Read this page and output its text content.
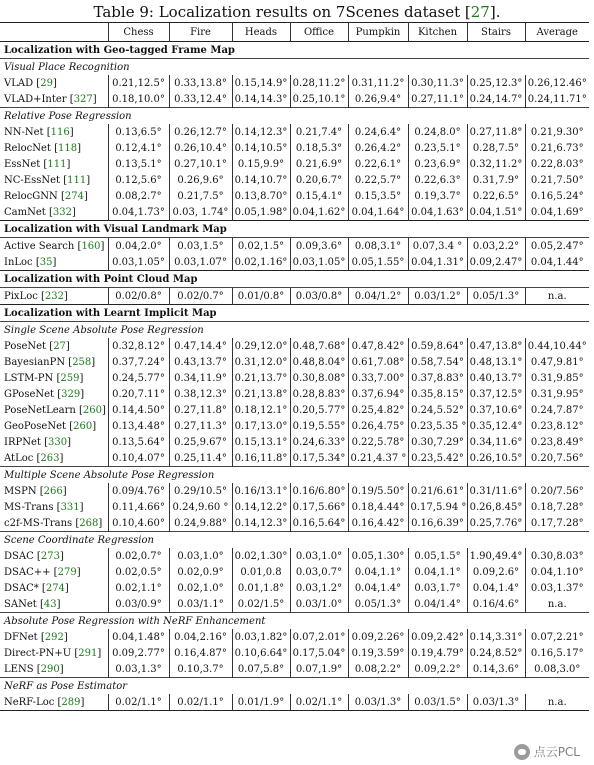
Table 9: Localization results on 7Scenes dataset [27].
	Chess	Fire	Heads	Office	Pumpkin	Kitchen	Stairs	Average
Localization with Geo-tagged Frame Map								
Visual Place Recognition								
VLAD [29]	0.21,12.5°	0.33,13.8°	0.15,14.9°	0.28,11.2°	0.31,11.2°	0.30,11.3°	0.25,12.3°	0.26,12.46°
VLAD+Inter [327]	0.18,10.0°	0.33,12.4°	0.14,14.3°	0.25,10.1°	0.26,9.4°	0.27,11.1°	0.24,14.7°	0.24,11.71°
Relative Pose Regression								
NN-Net [116]	0.13,6.5°	0.26,12.7°	0.14,12.3°	0.21,7.4°	0.24,6.4°	0.24,8.0°	0.27,11.8°	0.21,9.30°
RelocNet [118]	0.12,4.1°	0.26,10.4°	0.14,10.5°	0.18,5.3°	0.26,4.2°	0.23,5.1°	0.28,7.5°	0.21,6.73°
EssNet [111]	0.13,5.1°	0.27,10.1°	0.15,9.9°	0.21,6.9°	0.22,6.1°	0.23,6.9°	0.32,11.2°	0.22,8.03°
NC-EssNet [111]	0.12,5.6°	0.26,9.6°	0.14,10.7°	0.20,6.7°	0.22,5.7°	0.22,6.3°	0.31,7.9°	0.21,7.50°
RelocGNN [274]	0.08,2.7°	0.21,7.5°	0.13,8.70°	0.15,4.1°	0.15,3.5°	0.19,3.7°	0.22,6.5°	0.16,5.24°
CamNet [332]	0.04,1.73°	0.03, 1.74°	0.05,1.98°	0.04,1.62°	0.04,1.64°	0.04,1.63°	0.04,1.51°	0.04,1.69°
Localization with Visual Landmark Map								
Active Search [160]	0.04,2.0°	0.03,1.5°	0.02,1.5°	0.09,3.6°	0.08,3.1°	0.07,3.4 °	0.03,2.2°	0.05,2.47°
InLoc [35]	0.03,1.05°	0.03,1.07°	0.02,1.16°	0.03,1.05°	0.05,1.55°	0.04,1.31°	0.09,2.47°	0.04,1.44°
Localization with Point Cloud Map								
PixLoc [232]	0.02/0.8°	0.02/0.7°	0.01/0.8°	0.03/0.8°	0.04/1.2°	0.03/1.2°	0.05/1.3°	n.a.
Localization with Learnt Implicit Map								
Single Scene Absolute Pose Regression								
PoseNet [27]	0.32,8.12°	0.47,14.4°	0.29,12.0°	0.48,7.68°	0.47,8.42°	0.59,8.64°	0.47,13.8°	0.44,10.44°
BayesianPN [258]	0.37,7.24°	0.43,13.7°	0.31,12.0°	0.48,8.04°	0.61,7.08°	0.58,7.54°	0.48,13.1°	0.47,9.81°
LSTM-PN [259]	0.24,5.77°	0.34,11.9°	0.21,13.7°	0.30,8.08°	0.33,7.00°	0.37,8.83°	0.40,13.7°	0.31,9.85°
GPoseNet [329]	0.20,7.11°	0.38,12.3°	0.21,13.8°	0.28,8.83°	0.37,6.94°	0.35,8.15°	0.37,12.5°	0.31,9.95°
PoseNetLearn [260]	0.14,4.50°	0.27,11.8°	0.18,12.1°	0.20,5.77°	0.25,4.82°	0.24,5.52°	0.37,10.6°	0.24,7.87°
GeoPoseNet [260]	0.13,4.48°	0.27,11.3°	0.17,13.0°	0.19,5.55°	0.26,4.75°	0.23,5.35 °	0.35,12.4°	0.23,8.12°
IRPNet [330]	0.13,5.64°	0.25,9.67°	0.15,13.1°	0.24,6.33°	0.22,5.78°	0.30,7.29°	0.34,11.6°	0.23,8.49°
AtLoc [263]	0.10,4.07°	0.25,11.4°	0.16,11.8°	0.17,5.34°	0.21,4.37 °	0.23,5.42°	0.26,10.5°	0.20,7.56°
Multiple Scene Absolute Pose Regression								
MSPN [266]	0.09/4.76°	0.29/10.5°	0.16/13.1°	0.16/6.80°	0.19/5.50°	0.21/6.61°	0.31/11.6°	0.20/7.56°
MS-Trans [331]	0.11,4.66°	0.24,9.60 °	0.14,12.2°	0.17,5.66°	0.18,4.44°	0.17,5.94 °	0.26,8.45°	0.18,7.28°
c2f-MS-Trans [268]	0.10,4.60°	0.24,9.88°	0.14,12.3°	0.16,5.64°	0.16,4.42°	0.16,6.39°	0.25,7.76°	0.17,7.28°
Scene Coordinate Regression								
DSAC [273]	0.02,0.7°	0.03,1.0°	0.02,1.30°	0.03,1.0°	0.05,1.30°	0.05,1.5°	1.90,49.4°	0.30,8.03°
DSAC++ [279]	0.02,0.5°	0.02,0.9°	0.01,0.8	0.03,0.7°	0.04,1.1°	0.04,1.1°	0.09,2.6°	0.04,1.10°
DSAC* [274]	0.02,1.1°	0.02,1.0°	0.01,1.8°	0.03,1.2°	0.04,1.4°	0.03,1.7°	0.04,1.4°	0.03,1.37°
SANet [43]	0.03/0.9°	0.03/1.1°	0.02/1.5°	0.03/1.0°	0.05/1.3°	0.04/1.4°	0.16/4.6°	n.a.
Absolute Pose Regression with NeRF Enhancement								
DFNet [292]	0.04,1.48°	0.04,2.16°	0.03,1.82°	0.07,2.01°	0.09,2.26°	0.09,2.42°	0.14,3.31°	0.07,2.21°
Direct-PN+U [291]	0.09,2.77°	0.16,4.87°	0.10,6.64°	0.17,5.04°	0.19,3.59°	0.19,4.79°	0.24,8.52°	0.16,5.17°
LENS [290]	0.03,1.3°	0.10,3.7°	0.07,5.8°	0.07,1.9°	0.08,2.2°	0.09,2.2°	0.14,3.6°	0.08,3.0°
NeRF as Pose Estimator								
NeRF-Loc [289]	0.02/1.1°	0.02/1.1°	0.01/1.9°	0.02/1.1°	0.03/1.3°	0.03/1.5°	0.03/1.3°	n.a.
点云PCL
